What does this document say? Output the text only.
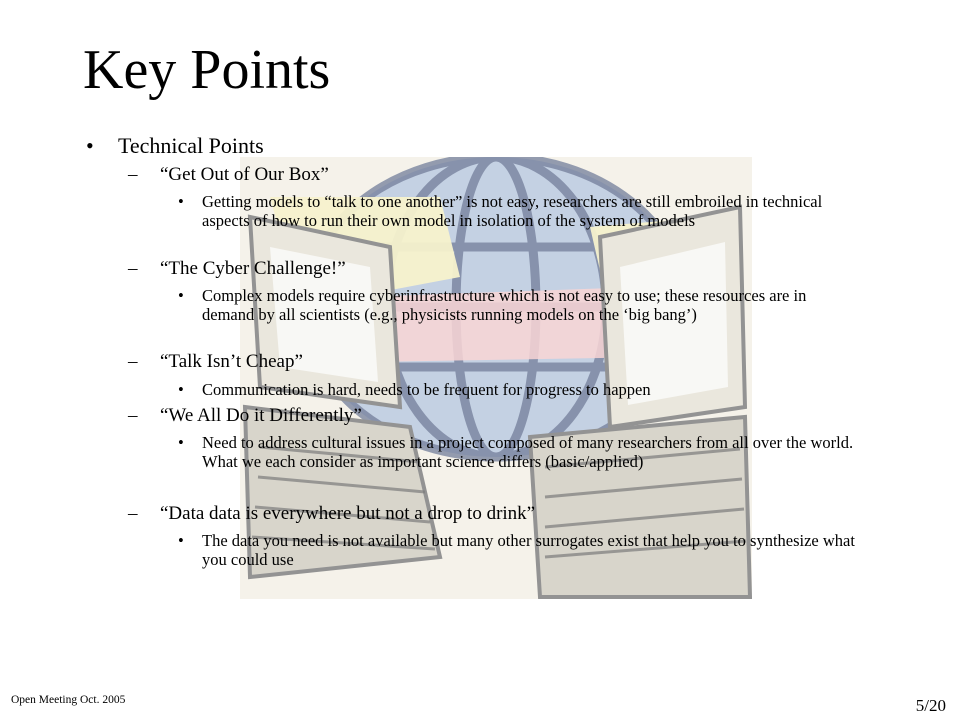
Key Points
• Technical Points
– “Get Out of Our Box”
• Getting models to “talk to one another” is not easy, researchers are still embroiled in technical aspects of how to run their own model in isolation of the system of models
– “The Cyber Challenge!”
• Complex models require cyberinfrastructure which is not easy to use; these resources are in demand by all scientists (e.g., physicists running models on the ‘big bang’)
– “Talk Isn’t Cheap”
• Communication is hard, needs to be frequent for progress to happen
– “We All Do it Differently”
• Need to address cultural issues in a project composed of many researchers from all over the world. What we each consider as important science differs (basic/applied)
– “Data data is everywhere but not a drop to drink”
• The data you need is not available but many other surrogates exist that help you to synthesize what you could use
Open Meeting Oct. 2005	5/20
